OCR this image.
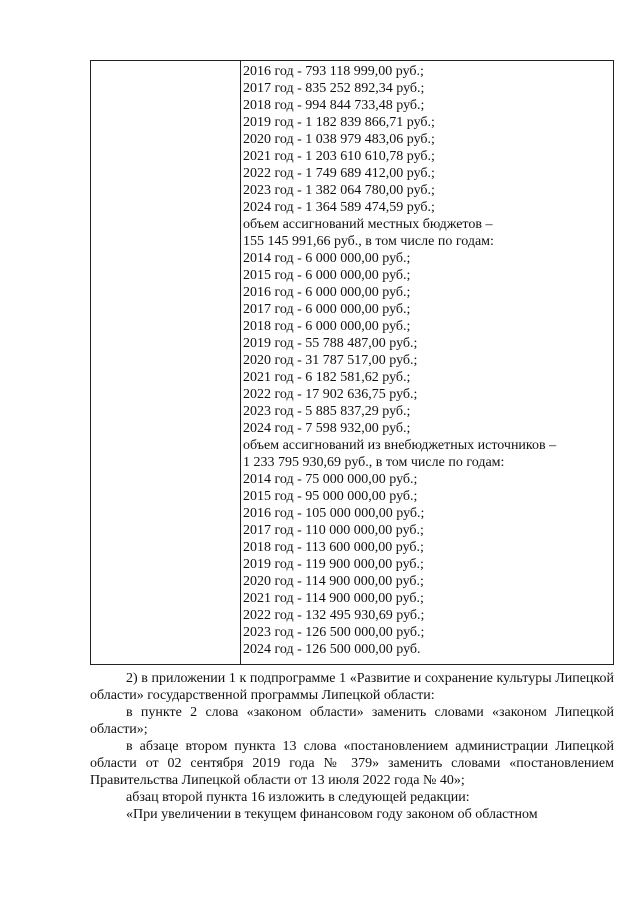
2016 год - 793 118 999,00 руб.;
2017 год - 835 252 892,34 руб.;
2018 год - 994 844 733,48 руб.;
2019 год - 1 182 839 866,71 руб.;
2020 год - 1 038 979 483,06 руб.;
2021 год - 1 203 610 610,78 руб.;
2022 год - 1 749 689 412,00 руб.;
2023 год - 1 382 064 780,00 руб.;
2024 год - 1 364 589 474,59 руб.;
объем ассигнований местных бюджетов –
155 145 991,66 руб., в том числе по годам:
2014 год - 6 000 000,00 руб.;
2015 год - 6 000 000,00 руб.;
2016 год - 6 000 000,00 руб.;
2017 год - 6 000 000,00 руб.;
2018 год - 6 000 000,00 руб.;
2019 год - 55 788 487,00 руб.;
2020 год - 31 787 517,00 руб.;
2021 год - 6 182 581,62 руб.;
2022 год - 17 902 636,75 руб.;
2023 год - 5 885 837,29 руб.;
2024 год - 7 598 932,00 руб.;
объем ассигнований из внебюджетных источников –
1 233 795 930,69 руб., в том числе по годам:
2014 год - 75 000 000,00 руб.;
2015 год - 95 000 000,00 руб.;
2016 год - 105 000 000,00 руб.;
2017 год - 110 000 000,00 руб.;
2018 год - 113 600 000,00 руб.;
2019 год - 119 900 000,00 руб.;
2020 год - 114 900 000,00 руб.;
2021 год - 114 900 000,00 руб.;
2022 год - 132 495 930,69 руб.;
2023 год - 126 500 000,00 руб.;
2024 год - 126 500 000,00 руб.
2) в приложении 1 к подпрограмме 1 «Развитие и сохранение культуры Липецкой области» государственной программы Липецкой области:
в пункте 2 слова «законом области» заменить словами «законом Липецкой области»;
в абзаце втором пункта 13 слова «постановлением администрации Липецкой области от 02 сентября 2019 года № 379» заменить словами «постановлением Правительства Липецкой области от 13 июля 2022 года № 40»;
абзац второй пункта 16 изложить в следующей редакции:
«При увеличении в текущем финансовом году законом об областном
